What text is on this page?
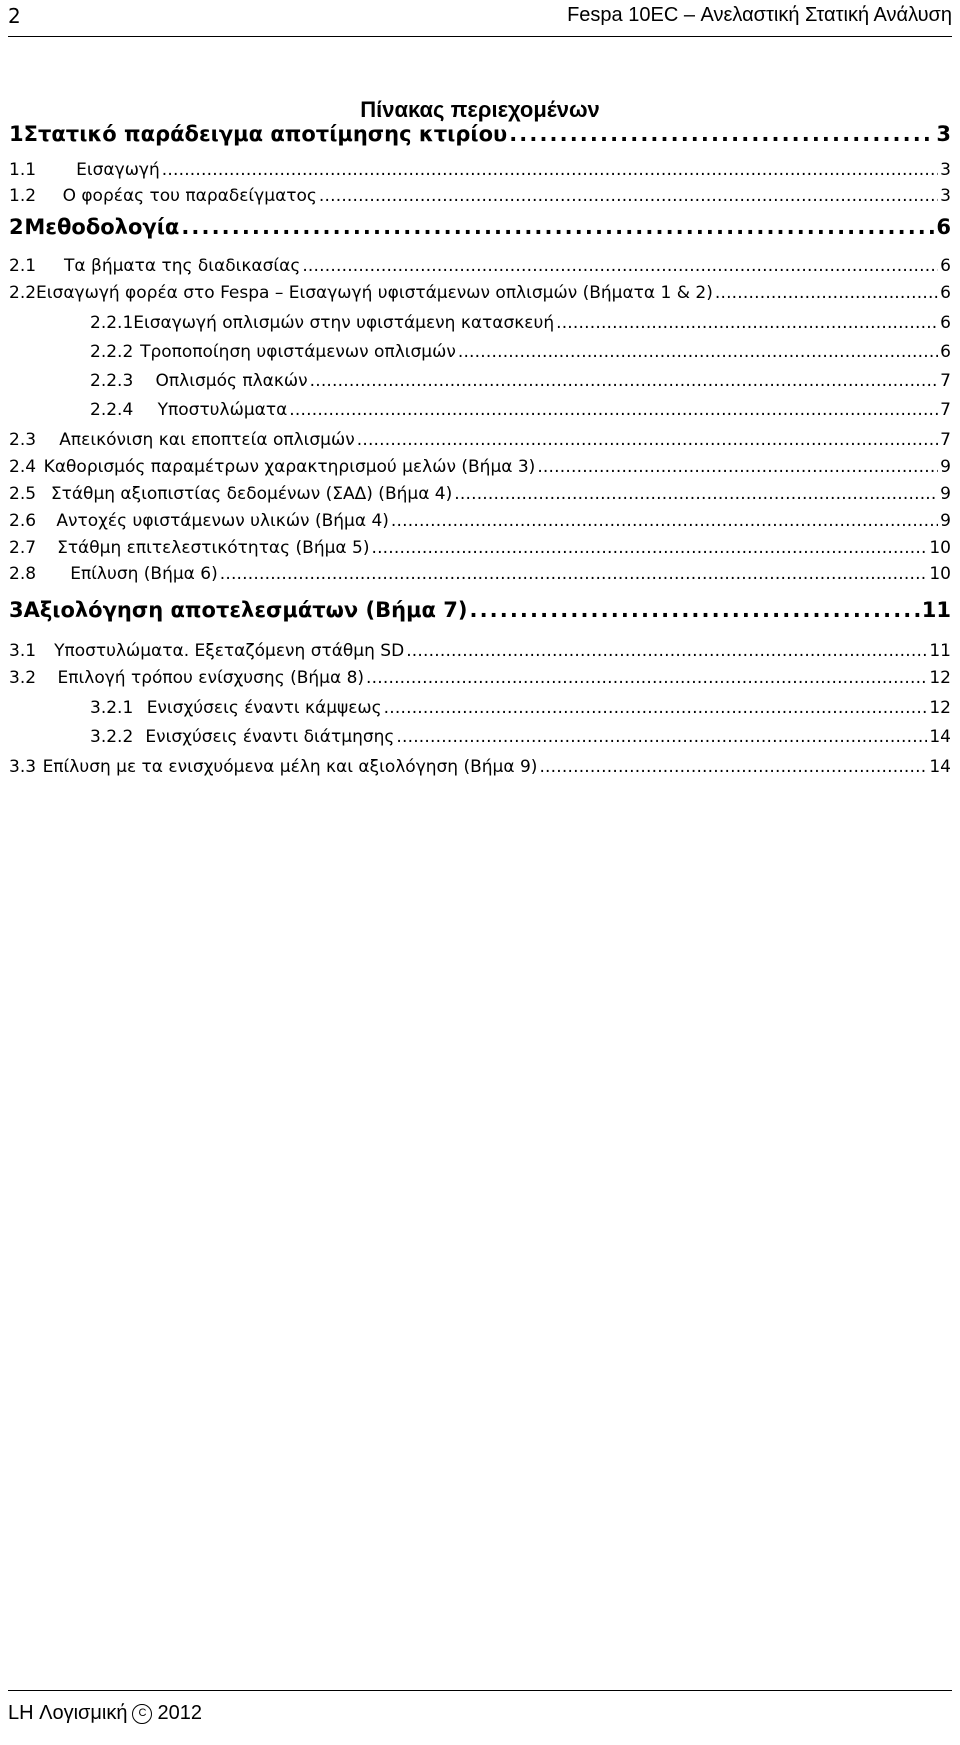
2	Fespa 10EC – Ανελαστική Στατική Ανάλυση
Πίνακας περιεχομένων
1 Στατικό παράδειγμα αποτίμησης κτιρίου . . .	3
1.1	Εισαγωγή . . .	3
1.2	Ο φορέας του παραδείγματος . . .	3
2 Μεθοδολογία . . .	6
2.1	Τα βήματα της διαδικασίας . . .	6
2.2 Εισαγωγή φορέα στο Fespa – Εισαγωγή υφιστάμενων οπλισμών (Βήματα 1 & 2) . . .	6
2.2.1 Εισαγωγή οπλισμών στην υφιστάμενη κατασκευή . . .	6
2.2.2 Τροποποίηση υφιστάμενων οπλισμών . . .	6
2.2.3	Οπλισμός πλακών . . .	7
2.2.4	Υποστυλώματα . . .	7
2.3	Απεικόνιση και εποπτεία οπλισμών . . .	7
2.4 Καθορισμός παραμέτρων χαρακτηρισμού μελών (Βήμα 3) . . .	9
2.5 Στάθμη αξιοπιστίας δεδομένων (ΣΑΔ) (Βήμα 4) . . .	9
2.6	Αντοχές υφιστάμενων υλικών (Βήμα 4) . . .	9
2.7	Στάθμη επιτελεστικότητας (Βήμα 5) . . .	10
2.8	Επίλυση (Βήμα 6) . . .	10
3 Αξιολόγηση αποτελεσμάτων (Βήμα 7) . . .	11
3.1	Υποστυλώματα. Εξεταζόμενη στάθμη SD . . .	11
3.2	Επιλογή τρόπου ενίσχυσης (Βήμα 8) . . .	12
3.2.1 Ενισχύσεις έναντι κάμψεως . . .	12
3.2.2 Ενισχύσεις έναντι διάτμησης . . .	14
3.3 Επίλυση με τα ενισχυόμενα μέλη και αξιολόγηση (Βήμα 9) . . .	14
LH Λογισμική	C 2012
